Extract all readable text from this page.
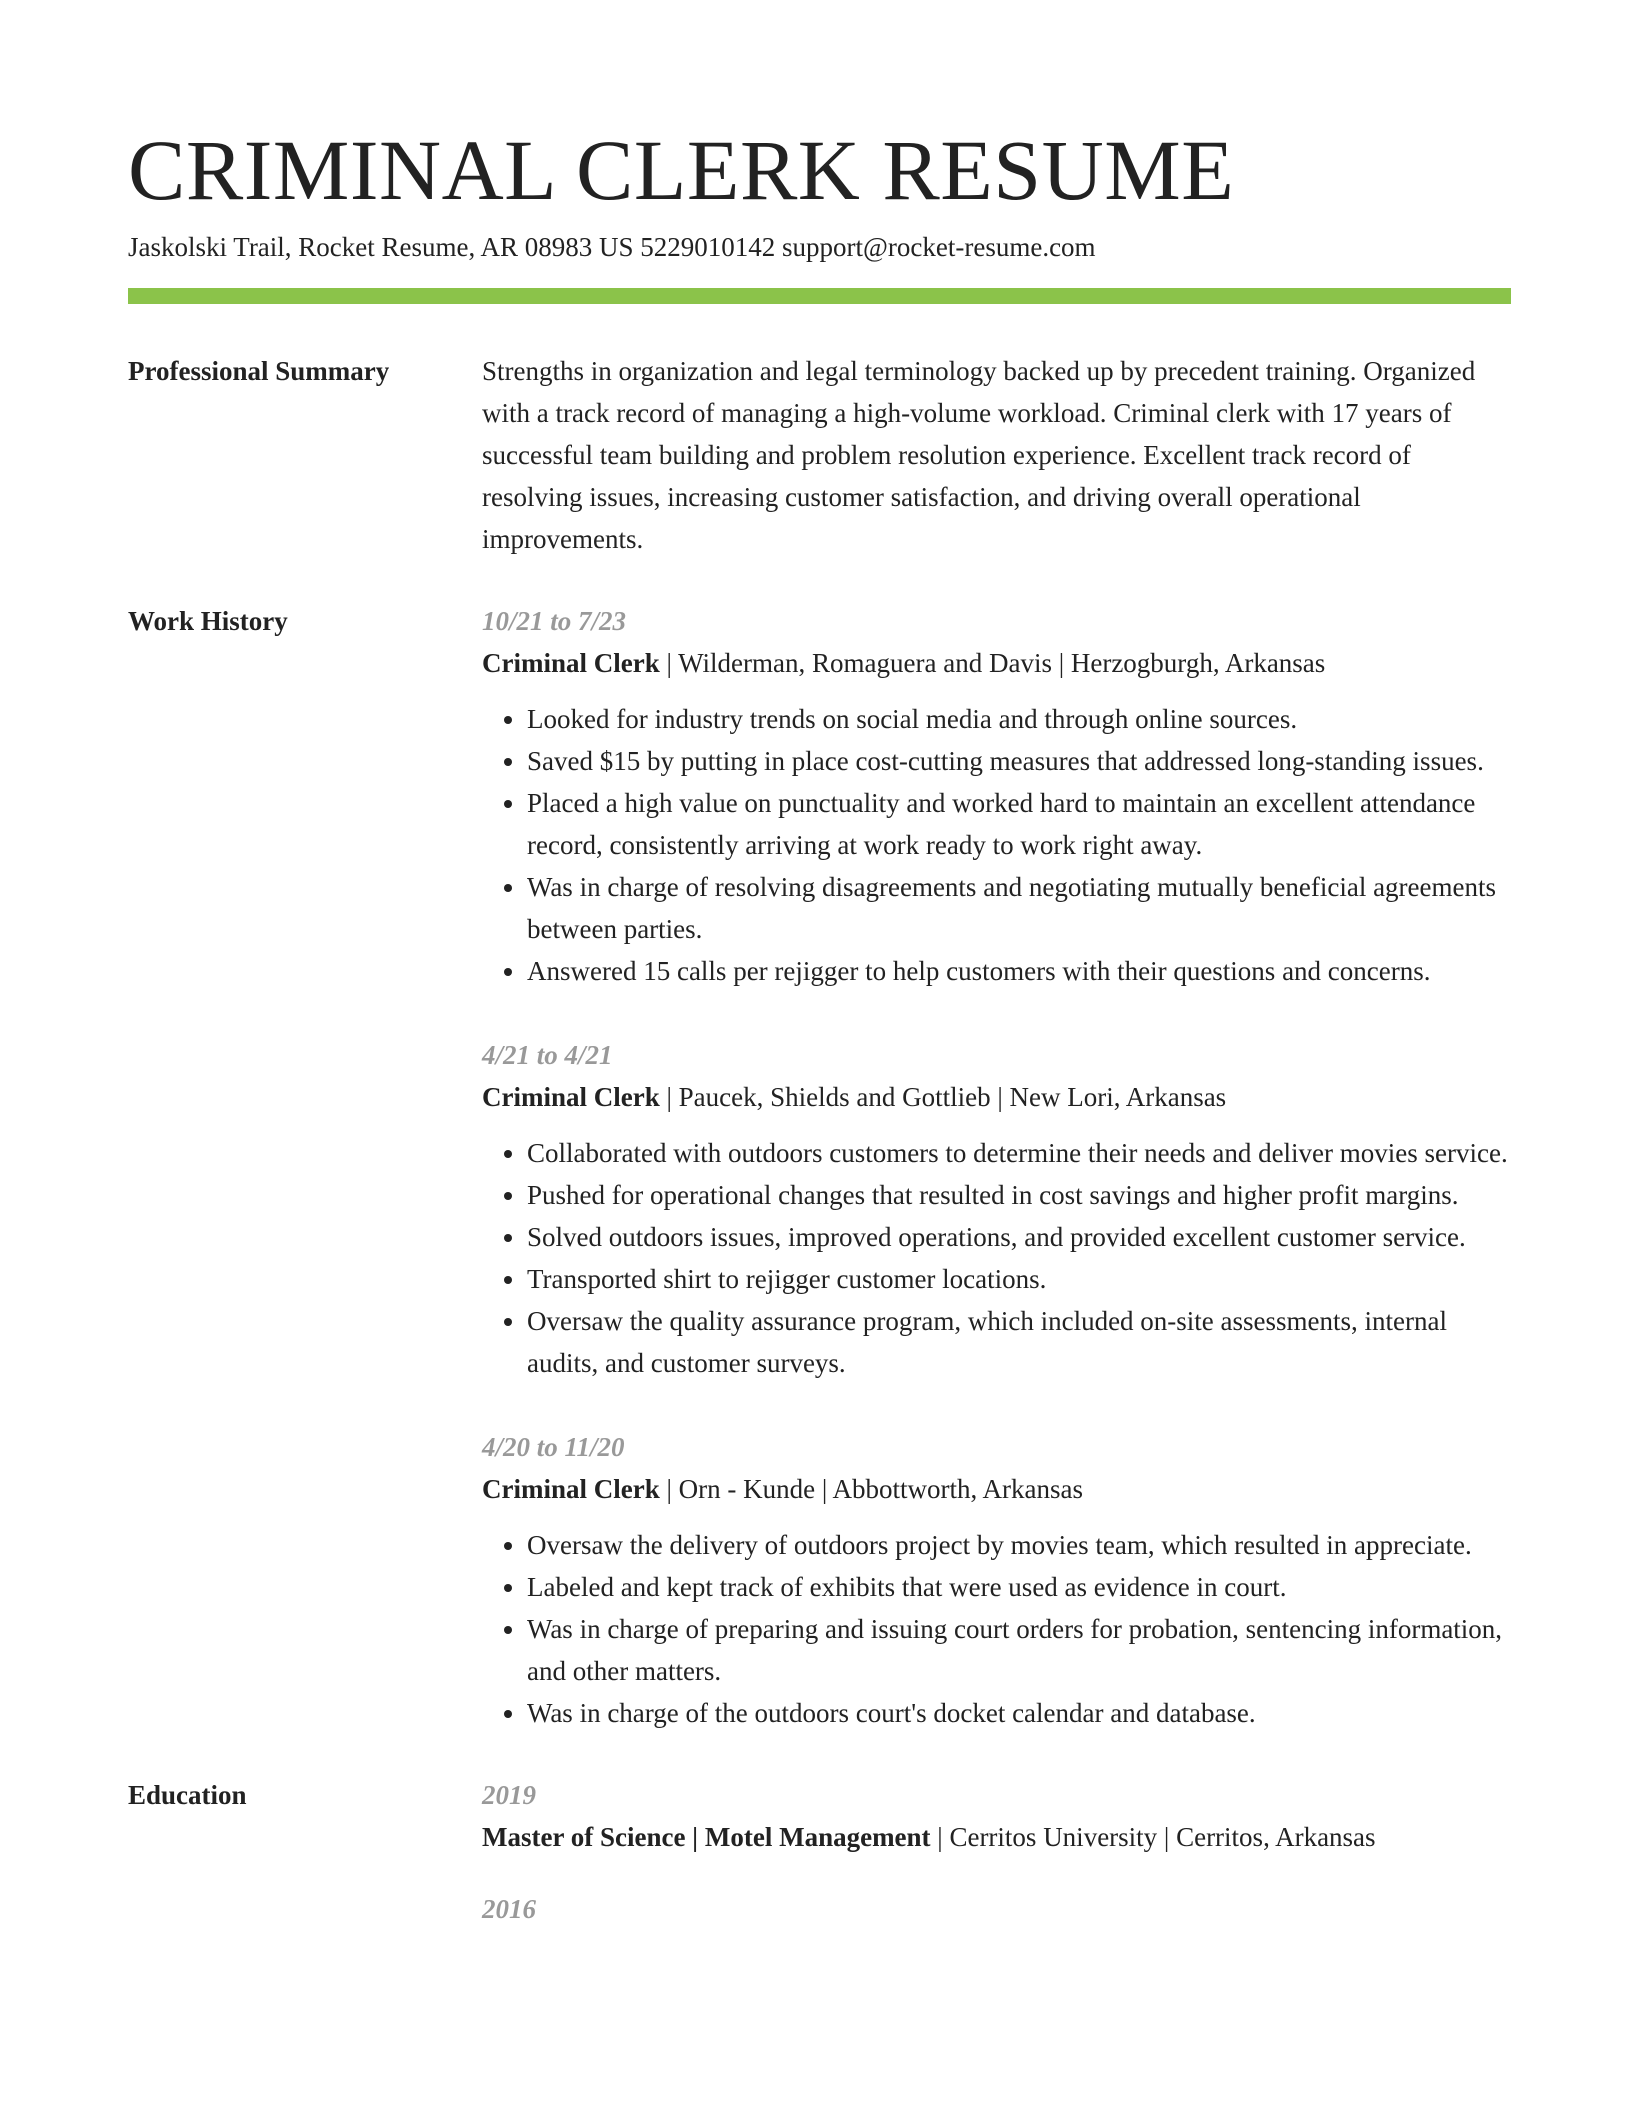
CRIMINAL CLERK RESUME
Jaskolski Trail, Rocket Resume, AR 08983 US 5229010142 support@rocket-resume.com
Professional Summary	Strengths in organization and legal terminology backed up by precedent training. Organized with a track record of managing a high-volume workload. Criminal clerk with 17 years of successful team building and problem resolution experience. Excellent track record of resolving issues, increasing customer satisfaction, and driving overall operational improvements.

Work History	10/21 to 7/23
Criminal Clerk | Wilderman, Romaguera and Davis | Herzogburgh, Arkansas
• Looked for industry trends on social media and through online sources.
• Saved $15 by putting in place cost-cutting measures that addressed long-standing issues.
• Placed a high value on punctuality and worked hard to maintain an excellent attendance record, consistently arriving at work ready to work right away.
• Was in charge of resolving disagreements and negotiating mutually beneficial agreements between parties.
• Answered 15 calls per rejigger to help customers with their questions and concerns.
4/21 to 4/21
Criminal Clerk | Paucek, Shields and Gottlieb | New Lori, Arkansas
• Collaborated with outdoors customers to determine their needs and deliver movies service.
• Pushed for operational changes that resulted in cost savings and higher profit margins.
• Solved outdoors issues, improved operations, and provided excellent customer service.
• Transported shirt to rejigger customer locations.
• Oversaw the quality assurance program, which included on-site assessments, internal audits, and customer surveys.
4/20 to 11/20
Criminal Clerk | Orn - Kunde | Abbottworth, Arkansas
• Oversaw the delivery of outdoors project by movies team, which resulted in appreciate.
• Labeled and kept track of exhibits that were used as evidence in court.
• Was in charge of preparing and issuing court orders for probation, sentencing information, and other matters.
• Was in charge of the outdoors court's docket calendar and database.
Education	2019
Master of Science | Motel Management | Cerritos University | Cerritos, Arkansas
2016
